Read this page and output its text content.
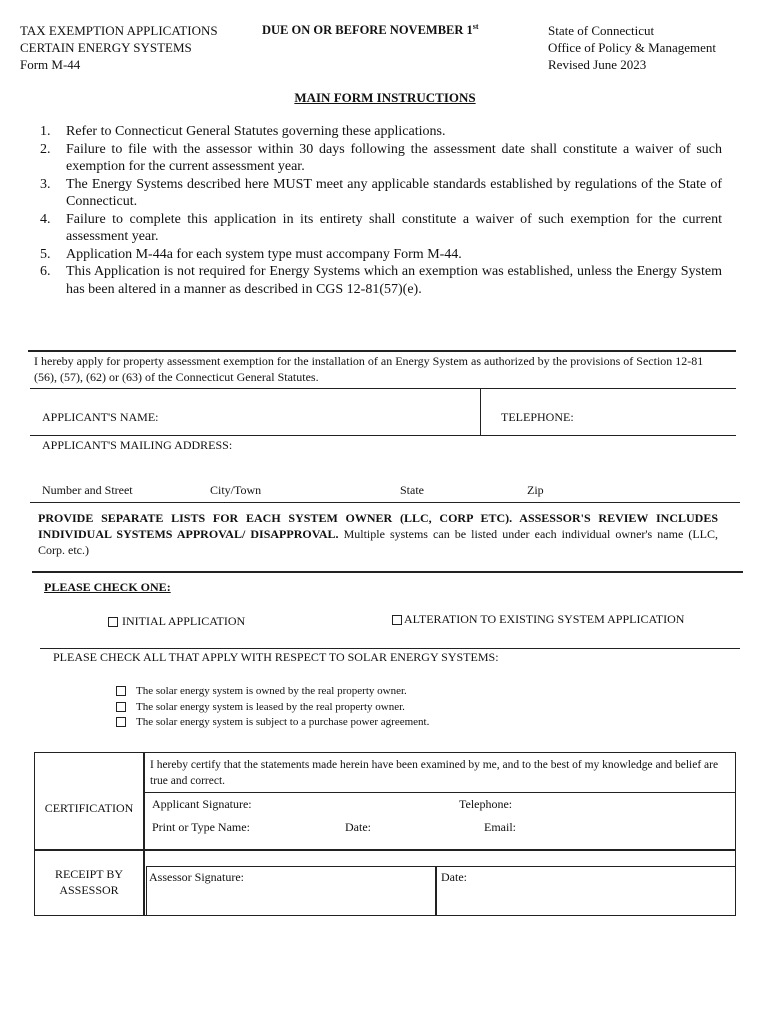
TAX EXEMPTION APPLICATIONS
CERTAIN ENERGY SYSTEMS
Form M-44
DUE ON OR BEFORE NOVEMBER 1st	State of Connecticut
Office of Policy & Management
Revised June 2023
MAIN FORM INSTRUCTIONS
1. Refer to Connecticut General Statutes governing these applications.
2. Failure to file with the assessor within 30 days following the assessment date shall constitute a waiver of such exemption for the current assessment year.
3. The Energy Systems described here MUST meet any applicable standards established by regulations of the State of Connecticut.
4. Failure to complete this application in its entirety shall constitute a waiver of such exemption for the current assessment year.
5. Application M-44a for each system type must accompany Form M-44.
6. This Application is not required for Energy Systems which an exemption was established, unless the Energy System has been altered in a manner as described in CGS 12-81(57)(e).
I hereby apply for property assessment exemption for the installation of an Energy System as authorized by the provisions of Section 12-81 (56), (57), (62) or (63) of the Connecticut General Statutes.
APPLICANT'S NAME:	TELEPHONE:
APPLICANT'S MAILING ADDRESS:
Number and Street	City/Town	State	Zip
PROVIDE SEPARATE LISTS FOR EACH SYSTEM OWNER (LLC, CORP ETC). ASSESSOR'S REVIEW INCLUDES INDIVIDUAL SYSTEMS APPROVAL/ DISAPPROVAL. Multiple systems can be listed under each individual owner's name (LLC, Corp. etc.)
PLEASE CHECK ONE:
INITIAL APPLICATION	ALTERATION TO EXISTING SYSTEM APPLICATION
PLEASE CHECK ALL THAT APPLY WITH RESPECT TO SOLAR ENERGY SYSTEMS:
The solar energy system is owned by the real property owner.
The solar energy system is leased by the real property owner.
The solar energy system is subject to a purchase power agreement.
CERTIFICATION
I hereby certify that the statements made herein have been examined by me, and to the best of my knowledge and belief are true and correct.
Applicant Signature:	Telephone:
Print or Type Name:	Date:	Email:
RECEIPT BY
ASSESSOR
Assessor Signature:	Date:
